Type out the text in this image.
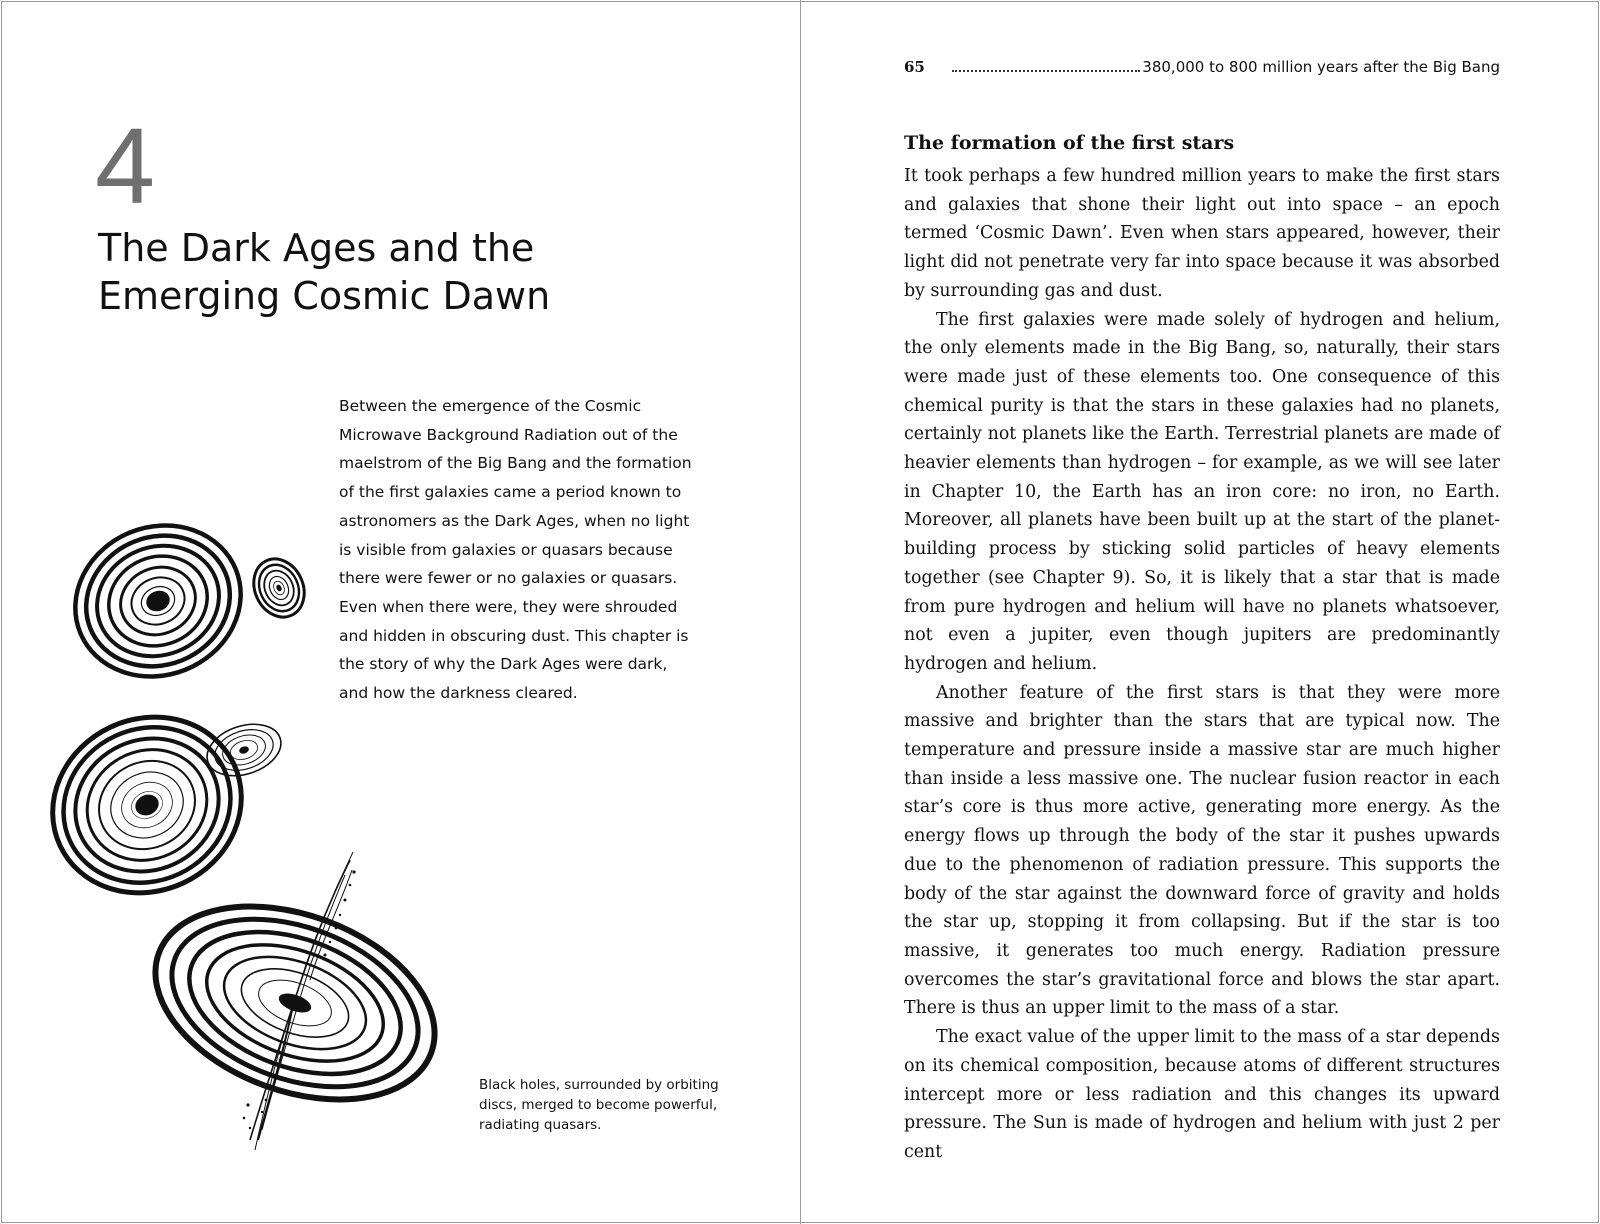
4
The Dark Ages and the
Emerging Cosmic Dawn

Between the emergence of the Cosmic Microwave Background Radiation out of the maelstrom of the Big Bang and the formation of the first galaxies came a period known to astronomers as the Dark Ages, when no light is visible from galaxies or quasars because there were fewer or no galaxies or quasars. Even when there were, they were shrouded and hidden in obscuring dust. This chapter is the story of why the Dark Ages were dark, and how the darkness cleared.

Black holes, surrounded by orbiting discs, merged to become powerful, radiating quasars.

65	380,000 to 800 million years after the Big Bang
The formation of the first stars

It took perhaps a few hundred million years to make the first stars and galaxies that shone their light out into space – an epoch termed ‘Cosmic Dawn’. Even when stars appeared, however, their light did not penetrate very far into space because it was absorbed by surrounding gas and dust.

The first galaxies were made solely of hydrogen and helium, the only elements made in the Big Bang, so, naturally, their stars were made just of these elements too. One consequence of this chemical purity is that the stars in these galaxies had no planets, certainly not planets like the Earth. Terrestrial planets are made of heavier elements than hydrogen – for example, as we will see later in Chapter 10, the Earth has an iron core: no iron, no Earth. Moreover, all planets have been built up at the start of the planet-building process by sticking solid particles of heavy elements together (see Chapter 9). So, it is likely that a star that is made from pure hydrogen and helium will have no planets whatsoever, not even a jupiter, even though jupiters are predominantly hydrogen and helium.

Another feature of the first stars is that they were more massive and brighter than the stars that are typical now. The temperature and pressure inside a massive star are much higher than inside a less massive one. The nuclear fusion reactor in each star’s core is thus more active, generating more energy. As the energy flows up through the body of the star it pushes upwards due to the phenomenon of radiation pressure. This supports the body of the star against the downward force of gravity and holds the star up, stopping it from collapsing. But if the star is too massive, it generates too much energy. Radiation pressure overcomes the star’s gravitational force and blows the star apart. There is thus an upper limit to the mass of a star.

The exact value of the upper limit to the mass of a star depends on its chemical composition, because atoms of different structures intercept more or less radiation and this changes its upward pressure. The Sun is made of hydrogen and helium with just 2 per cent
